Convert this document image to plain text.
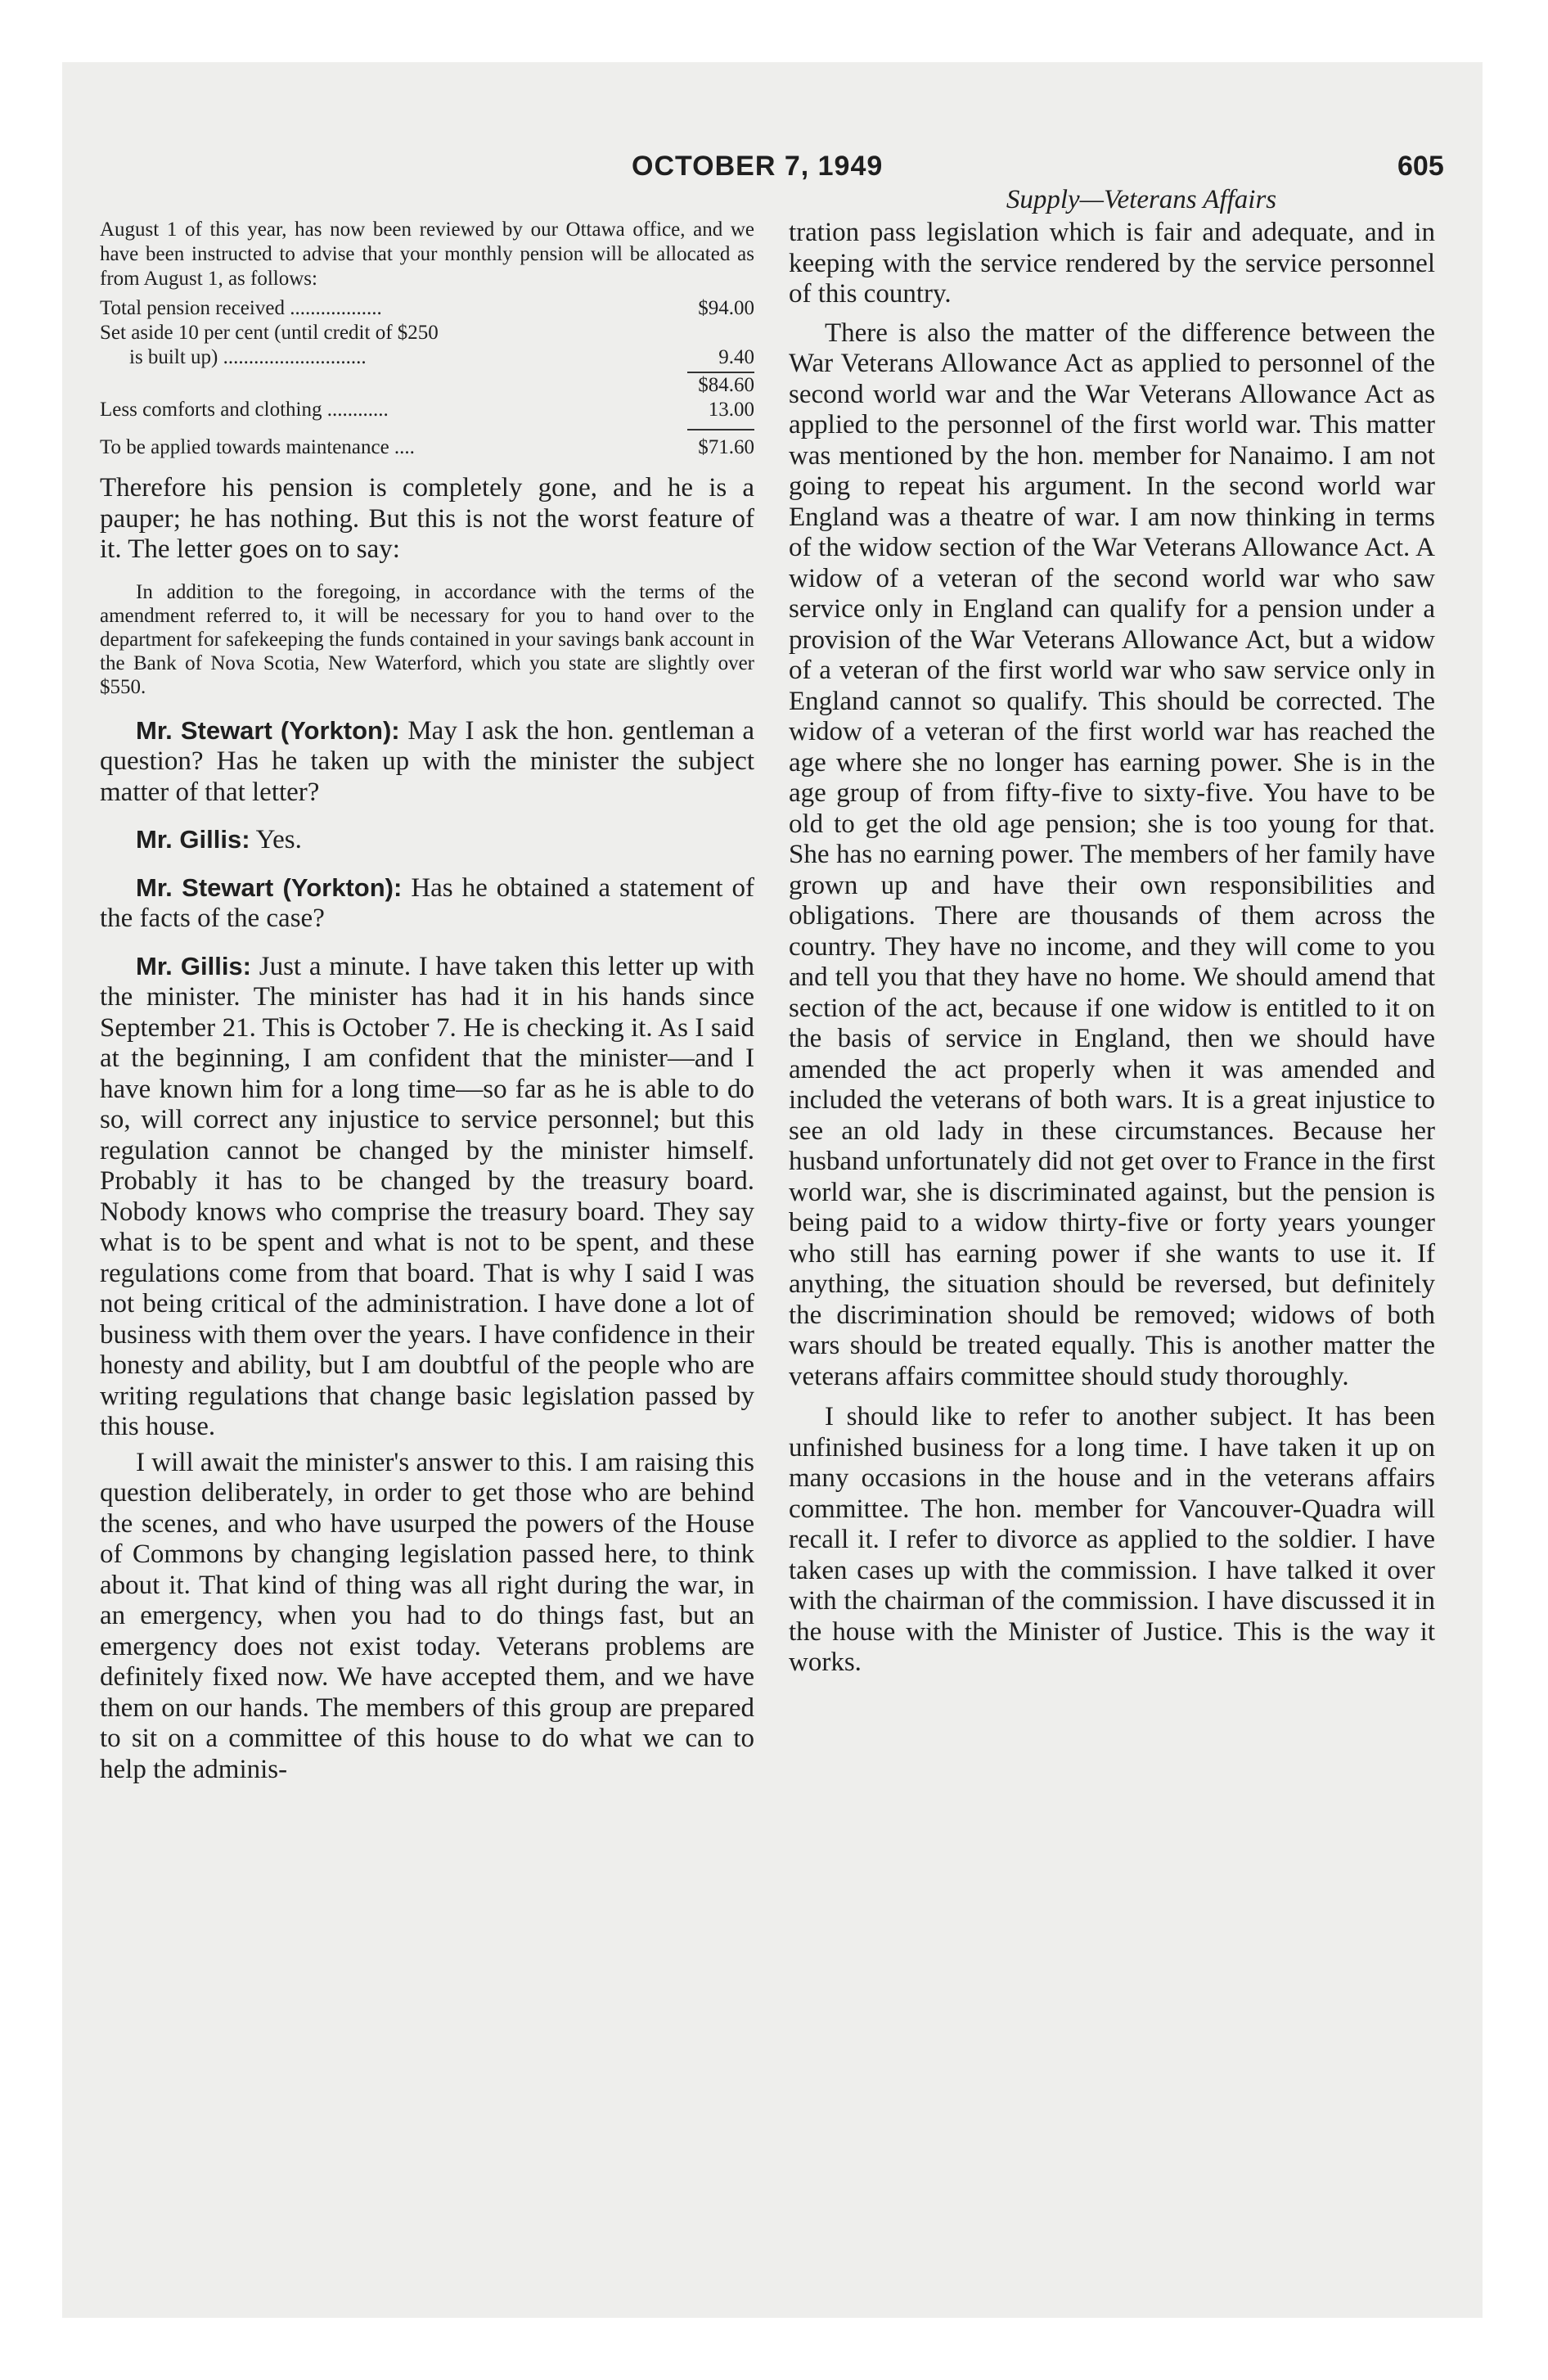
OCTOBER 7, 1949	605
Supply—Veterans Affairs

August 1 of this year, has now been reviewed by our Ottawa office, and we have been instructed to advise that your monthly pension will be allocated as from August 1, as follows:

Total pension received ..................	$94.00
Set aside 10 per cent (until credit of $250
is built up) ............................	9.40
$84.60
Less comforts and clothing ............	13.00
To be applied towards maintenance ....	$71.60

Therefore his pension is completely gone, and he is a pauper; he has nothing. But this is not the worst feature of it. The letter goes on to say:

In addition to the foregoing, in accordance with the terms of the amendment referred to, it will be necessary for you to hand over to the department for safekeeping the funds contained in your savings bank account in the Bank of Nova Scotia, New Waterford, which you state are slightly over $550.

Mr. Stewart (Yorkton): May I ask the hon. gentleman a question? Has he taken up with the minister the subject matter of that letter?

Mr. Gillis: Yes.

Mr. Stewart (Yorkton): Has he obtained a statement of the facts of the case?

Mr. Gillis: Just a minute. I have taken this letter up with the minister. The minister has had it in his hands since September 21. This is October 7. He is checking it. As I said at the beginning, I am confident that the minister—and I have known him for a long time—so far as he is able to do so, will correct any injustice to service personnel; but this regulation cannot be changed by the minister himself. Probably it has to be changed by the treasury board. Nobody knows who comprise the treasury board. They say what is to be spent and what is not to be spent, and these regulations come from that board. That is why I said I was not being critical of the administration. I have done a lot of business with them over the years. I have confidence in their honesty and ability, but I am doubtful of the people who are writing regulations that change basic legislation passed by this house.

I will await the minister's answer to this. I am raising this question deliberately, in order to get those who are behind the scenes, and who have usurped the powers of the House of Commons by changing legislation passed here, to think about it. That kind of thing was all right during the war, in an emergency, when you had to do things fast, but an emergency does not exist today. Veterans problems are definitely fixed now. We have accepted them, and we have them on our hands. The members of this group are prepared to sit on a committee of this house to do what we can to help the adminis-

tration pass legislation which is fair and adequate, and in keeping with the service rendered by the service personnel of this country.

There is also the matter of the difference between the War Veterans Allowance Act as applied to personnel of the second world war and the War Veterans Allowance Act as applied to the personnel of the first world war. This matter was mentioned by the hon. member for Nanaimo. I am not going to repeat his argument. In the second world war England was a theatre of war. I am now thinking in terms of the widow section of the War Veterans Allowance Act. A widow of a veteran of the second world war who saw service only in England can qualify for a pension under a provision of the War Veterans Allowance Act, but a widow of a veteran of the first world war who saw service only in England cannot so qualify. This should be corrected. The widow of a veteran of the first world war has reached the age where she no longer has earning power. She is in the age group of from fifty-five to sixty-five. You have to be old to get the old age pension; she is too young for that. She has no earning power. The members of her family have grown up and have their own responsibilities and obligations. There are thousands of them across the country. They have no income, and they will come to you and tell you that they have no home. We should amend that section of the act, because if one widow is entitled to it on the basis of service in England, then we should have amended the act properly when it was amended and included the veterans of both wars. It is a great injustice to see an old lady in these circumstances. Because her husband unfortunately did not get over to France in the first world war, she is discriminated against, but the pension is being paid to a widow thirty-five or forty years younger who still has earning power if she wants to use it. If anything, the situation should be reversed, but definitely the discrimination should be removed; widows of both wars should be treated equally. This is another matter the veterans affairs committee should study thoroughly.

I should like to refer to another subject. It has been unfinished business for a long time. I have taken it up on many occasions in the house and in the veterans affairs committee. The hon. member for Vancouver-Quadra will recall it. I refer to divorce as applied to the soldier. I have taken cases up with the commission. I have talked it over with the chairman of the commission. I have discussed it in the house with the Minister of Justice. This is the way it works.
